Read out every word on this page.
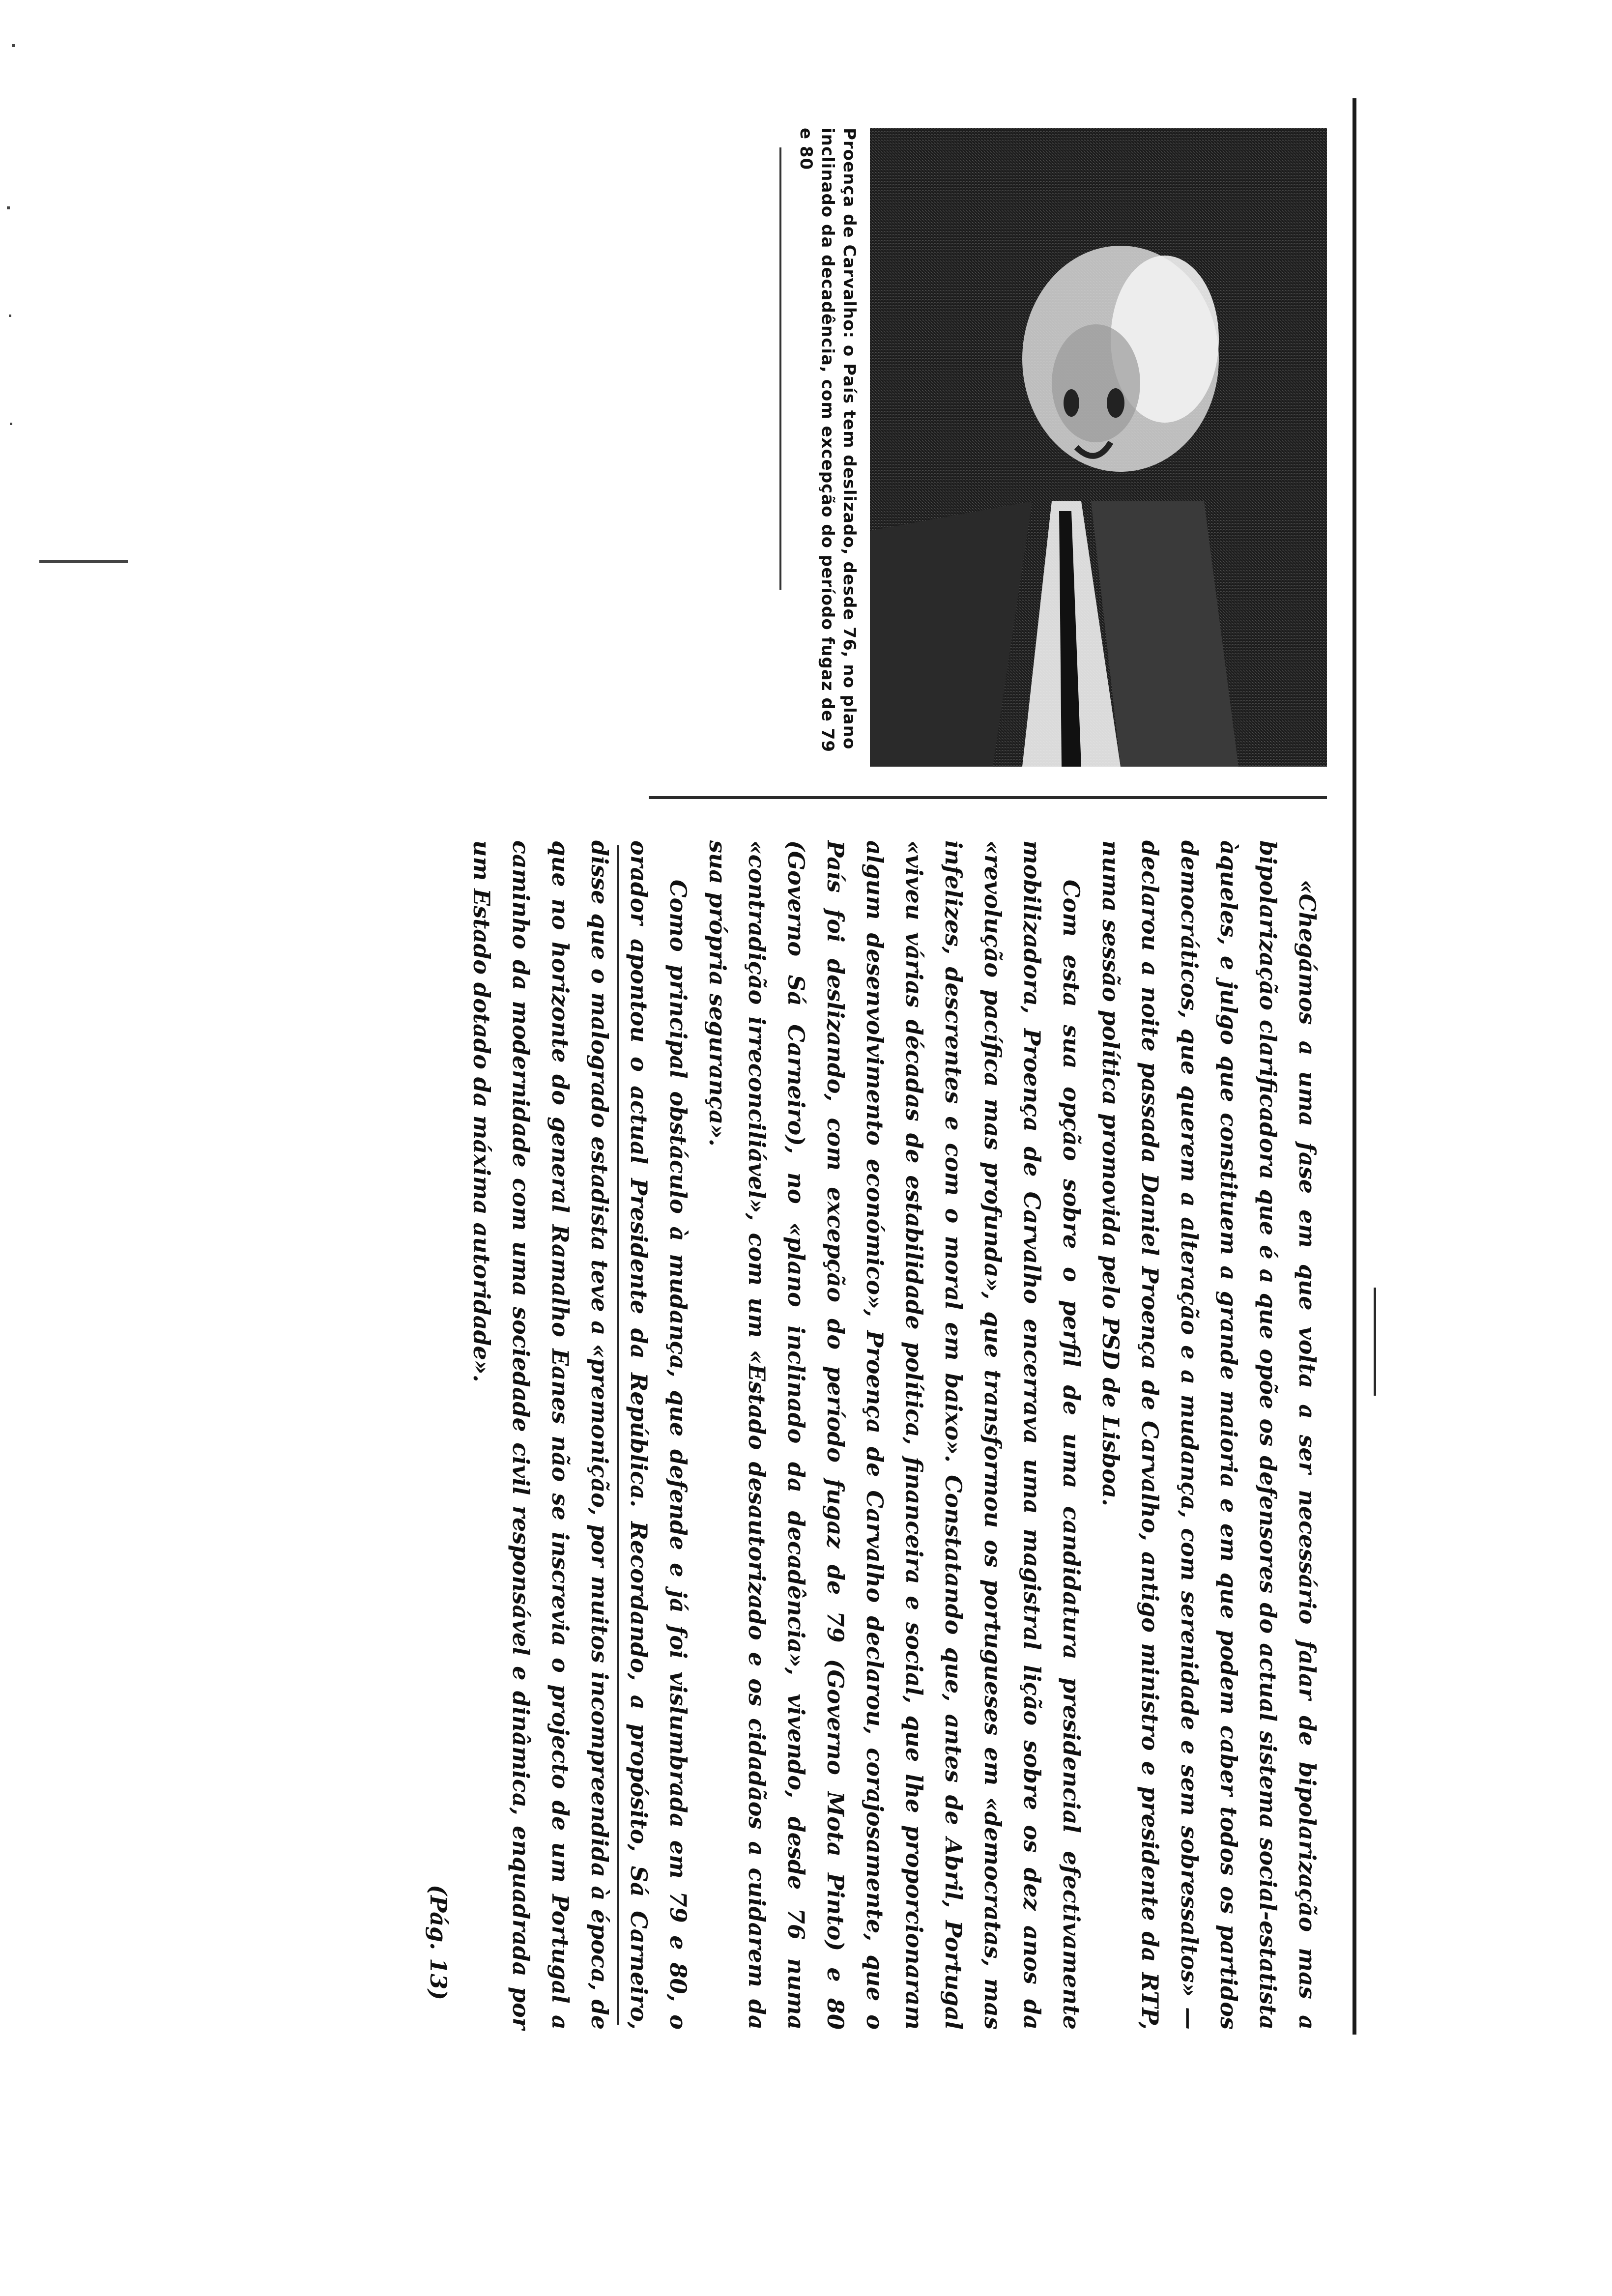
Proença de Carvalho: o País tem deslizado, desde 76, no plano inclinado da decadência, com excepção do período fugaz de 79 e 80

«Chegámos a uma fase em que volta a ser necessário falar de bipolarização mas a bipolarização clarificadora que é a que opõe os defensores do actual sistema social-estatista àqueles, e julgo que constituem a grande maioria e em que podem caber todos os partidos democráticos, que querem a alteração e a mudança, com serenidade e sem sobressaltos» — declarou a noite passada Daniel Proença de Carvalho, antigo ministro e presidente da RTP, numa sessão política promovida pelo PSD de Lisboa.

Com esta sua opção sobre o perfil de uma candidatura presidencial efectivamente mobilizadora, Proença de Carvalho encerrava uma magistral lição sobre os dez anos da «revolução pacífica mas profunda», que transformou os portugueses em «democratas, mas infelizes, descrentes e com o moral em baixo». Constatando que, antes de Abril, Portugal «viveu várias décadas de estabilidade política, financeira e social, que lhe proporcionaram algum desenvolvimento económico», Proença de Carvalho declarou, corajosamente, que o País foi deslizando, com excepção do período fugaz de 79 (Governo Mota Pinto) e 80 (Governo Sá Carneiro), no «plano inclinado da decadência», vivendo, desde 76 numa «contradição irreconciliável», com um «Estado desautorizado e os cidadãos a cuidarem da sua própria segurança».

Como principal obstáculo à mudança, que defende e já foi vislumbrada em 79 e 80, o orador apontou o actual Presidente da República. Recordando, a propósito, Sá Carneiro, disse que o malogrado estadista teve a «premonição, por muitos incompreendida à época, de que no horizonte do general Ramalho Eanes não se inscrevia o projecto de um Portugal a caminho da modernidade com uma sociedade civil responsável e dinâmica, enquadrada por um Estado dotado da máxima autoridade».

(Pág. 13)
